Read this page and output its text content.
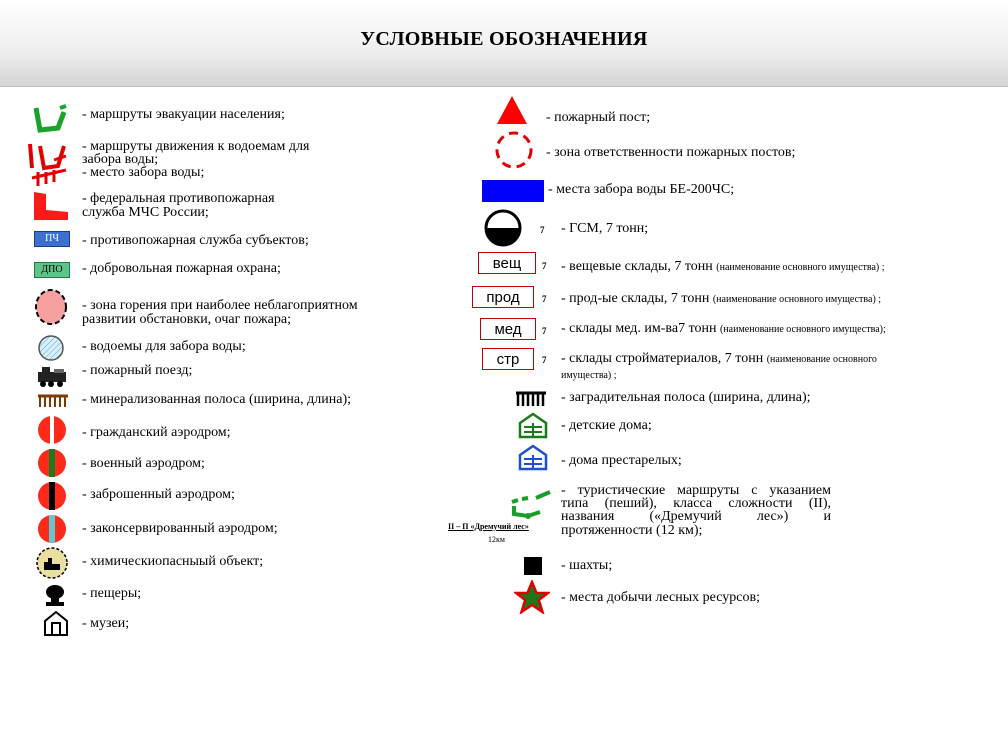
УСЛОВНЫЕ ОБОЗНАЧЕНИЯ
- маршруты эвакуации населения;
- маршруты движения к водоемам для
забора воды;
- место забора воды;
- федеральная противопожарная
служба МЧС России;
ПЧ	- противопожарная служба субъектов;
ДПО	- добровольная пожарная охрана;
- зона горения при наиболее неблагоприятном
развитии обстановки, очаг пожара;
- водоемы для забора воды;
- пожарный поезд;
- минерализованная полоса (ширина, длина);
- гражданский аэродром;
- военный аэродром;
- заброшенный аэродром;
- законсервированный аэродром;
- химическиопасныый объект;
- пещеры;
- музеи;
- пожарный пост;
- зона ответственности пожарных постов;
- места забора воды БЕ-200ЧС;
7 - ГСМ, 7 тонн;
вещ	7 - вещевые склады, 7 тонн (наименование основного имущества) ;
прод	7 - прод-ые склады, 7 тонн (наименование основного имущества) ;
мед	7 - склады мед. им-ва7 тонн (наименование основного имущества);
стр	7 - склады стройматериалов, 7 тонн (наименование основного
имущества) ;
- заградительная полоса (ширина, длина);
- детские дома;
- дома престарелых;
II – П «Дремучий лес»
12км
- туристические маршруты с указанием
типа (пеший), класса сложности (II),
названия («Дремучий лес») и
протяженности (12 км);
- шахты;
- места добычи лесных ресурсов;
